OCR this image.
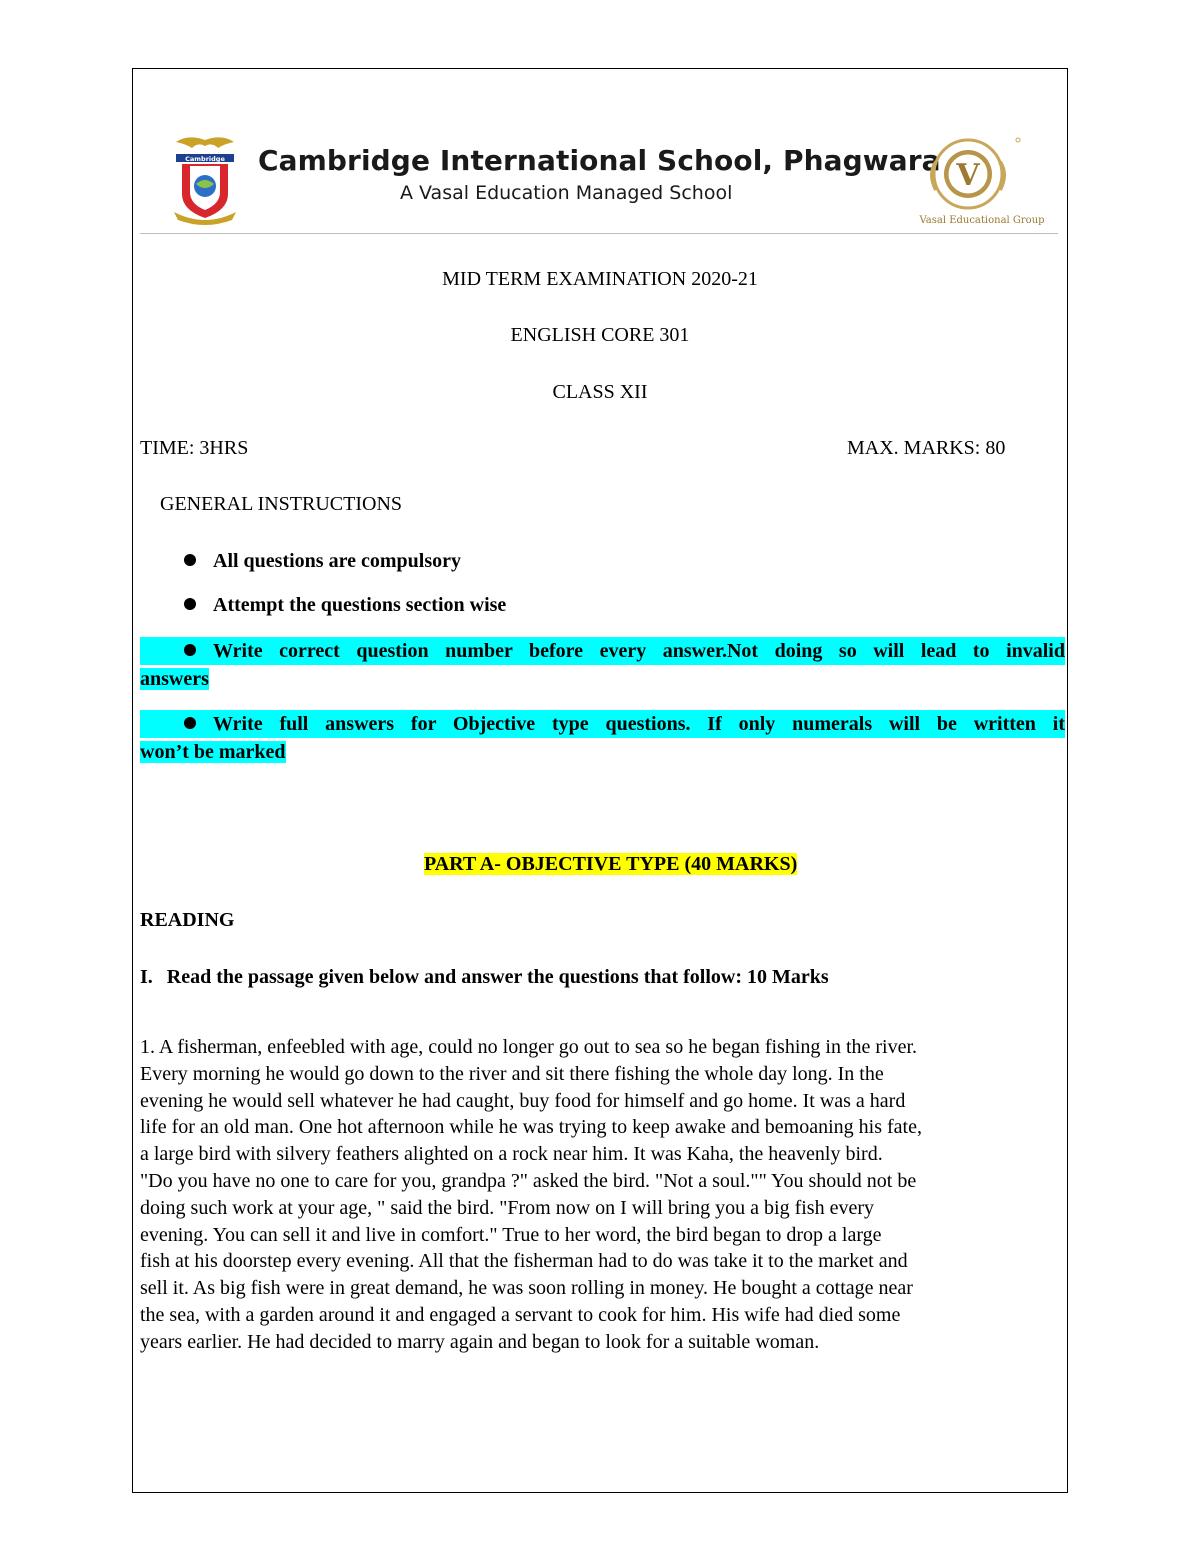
Cambridge Cambridge International School, Phagwara
A Vasal Education Managed School	V
Vasal Educational Group
MID TERM EXAMINATION 2020-21
ENGLISH CORE 301
CLASS XII
TIME: 3HRS	MAX. MARKS: 80
GENERAL INSTRUCTIONS
All questions are compulsory
Attempt the questions section wise
Write correct question number before every answer.Not doing so will lead to invalid
answers
Write full answers for Objective type questions. If only numerals will be written it
won’t be marked
PART A- OBJECTIVE TYPE (40 MARKS)
READING
I. Read the passage given below and answer the questions that follow: 10 Marks

1. A fisherman, enfeebled with age, could no longer go out to sea so he began fishing in the river.

Every morning he would go down to the river and sit there fishing the whole day long. In the

evening he would sell whatever he had caught, buy food for himself and go home. It was a hard

life for an old man. One hot afternoon while he was trying to keep awake and bemoaning his fate,

a large bird with silvery feathers alighted on a rock near him. It was Kaha, the heavenly bird.

"Do you have no one to care for you, grandpa ?" asked the bird. "Not a soul."" You should not be

doing such work at your age, " said the bird. "From now on I will bring you a big fish every

evening. You can sell it and live in comfort." True to her word, the bird began to drop a large

fish at his doorstep every evening. All that the fisherman had to do was take it to the market and

sell it. As big fish were in great demand, he was soon rolling in money. He bought a cottage near

the sea, with a garden around it and engaged a servant to cook for him. His wife had died some

years earlier. He had decided to marry again and began to look for a suitable woman.
